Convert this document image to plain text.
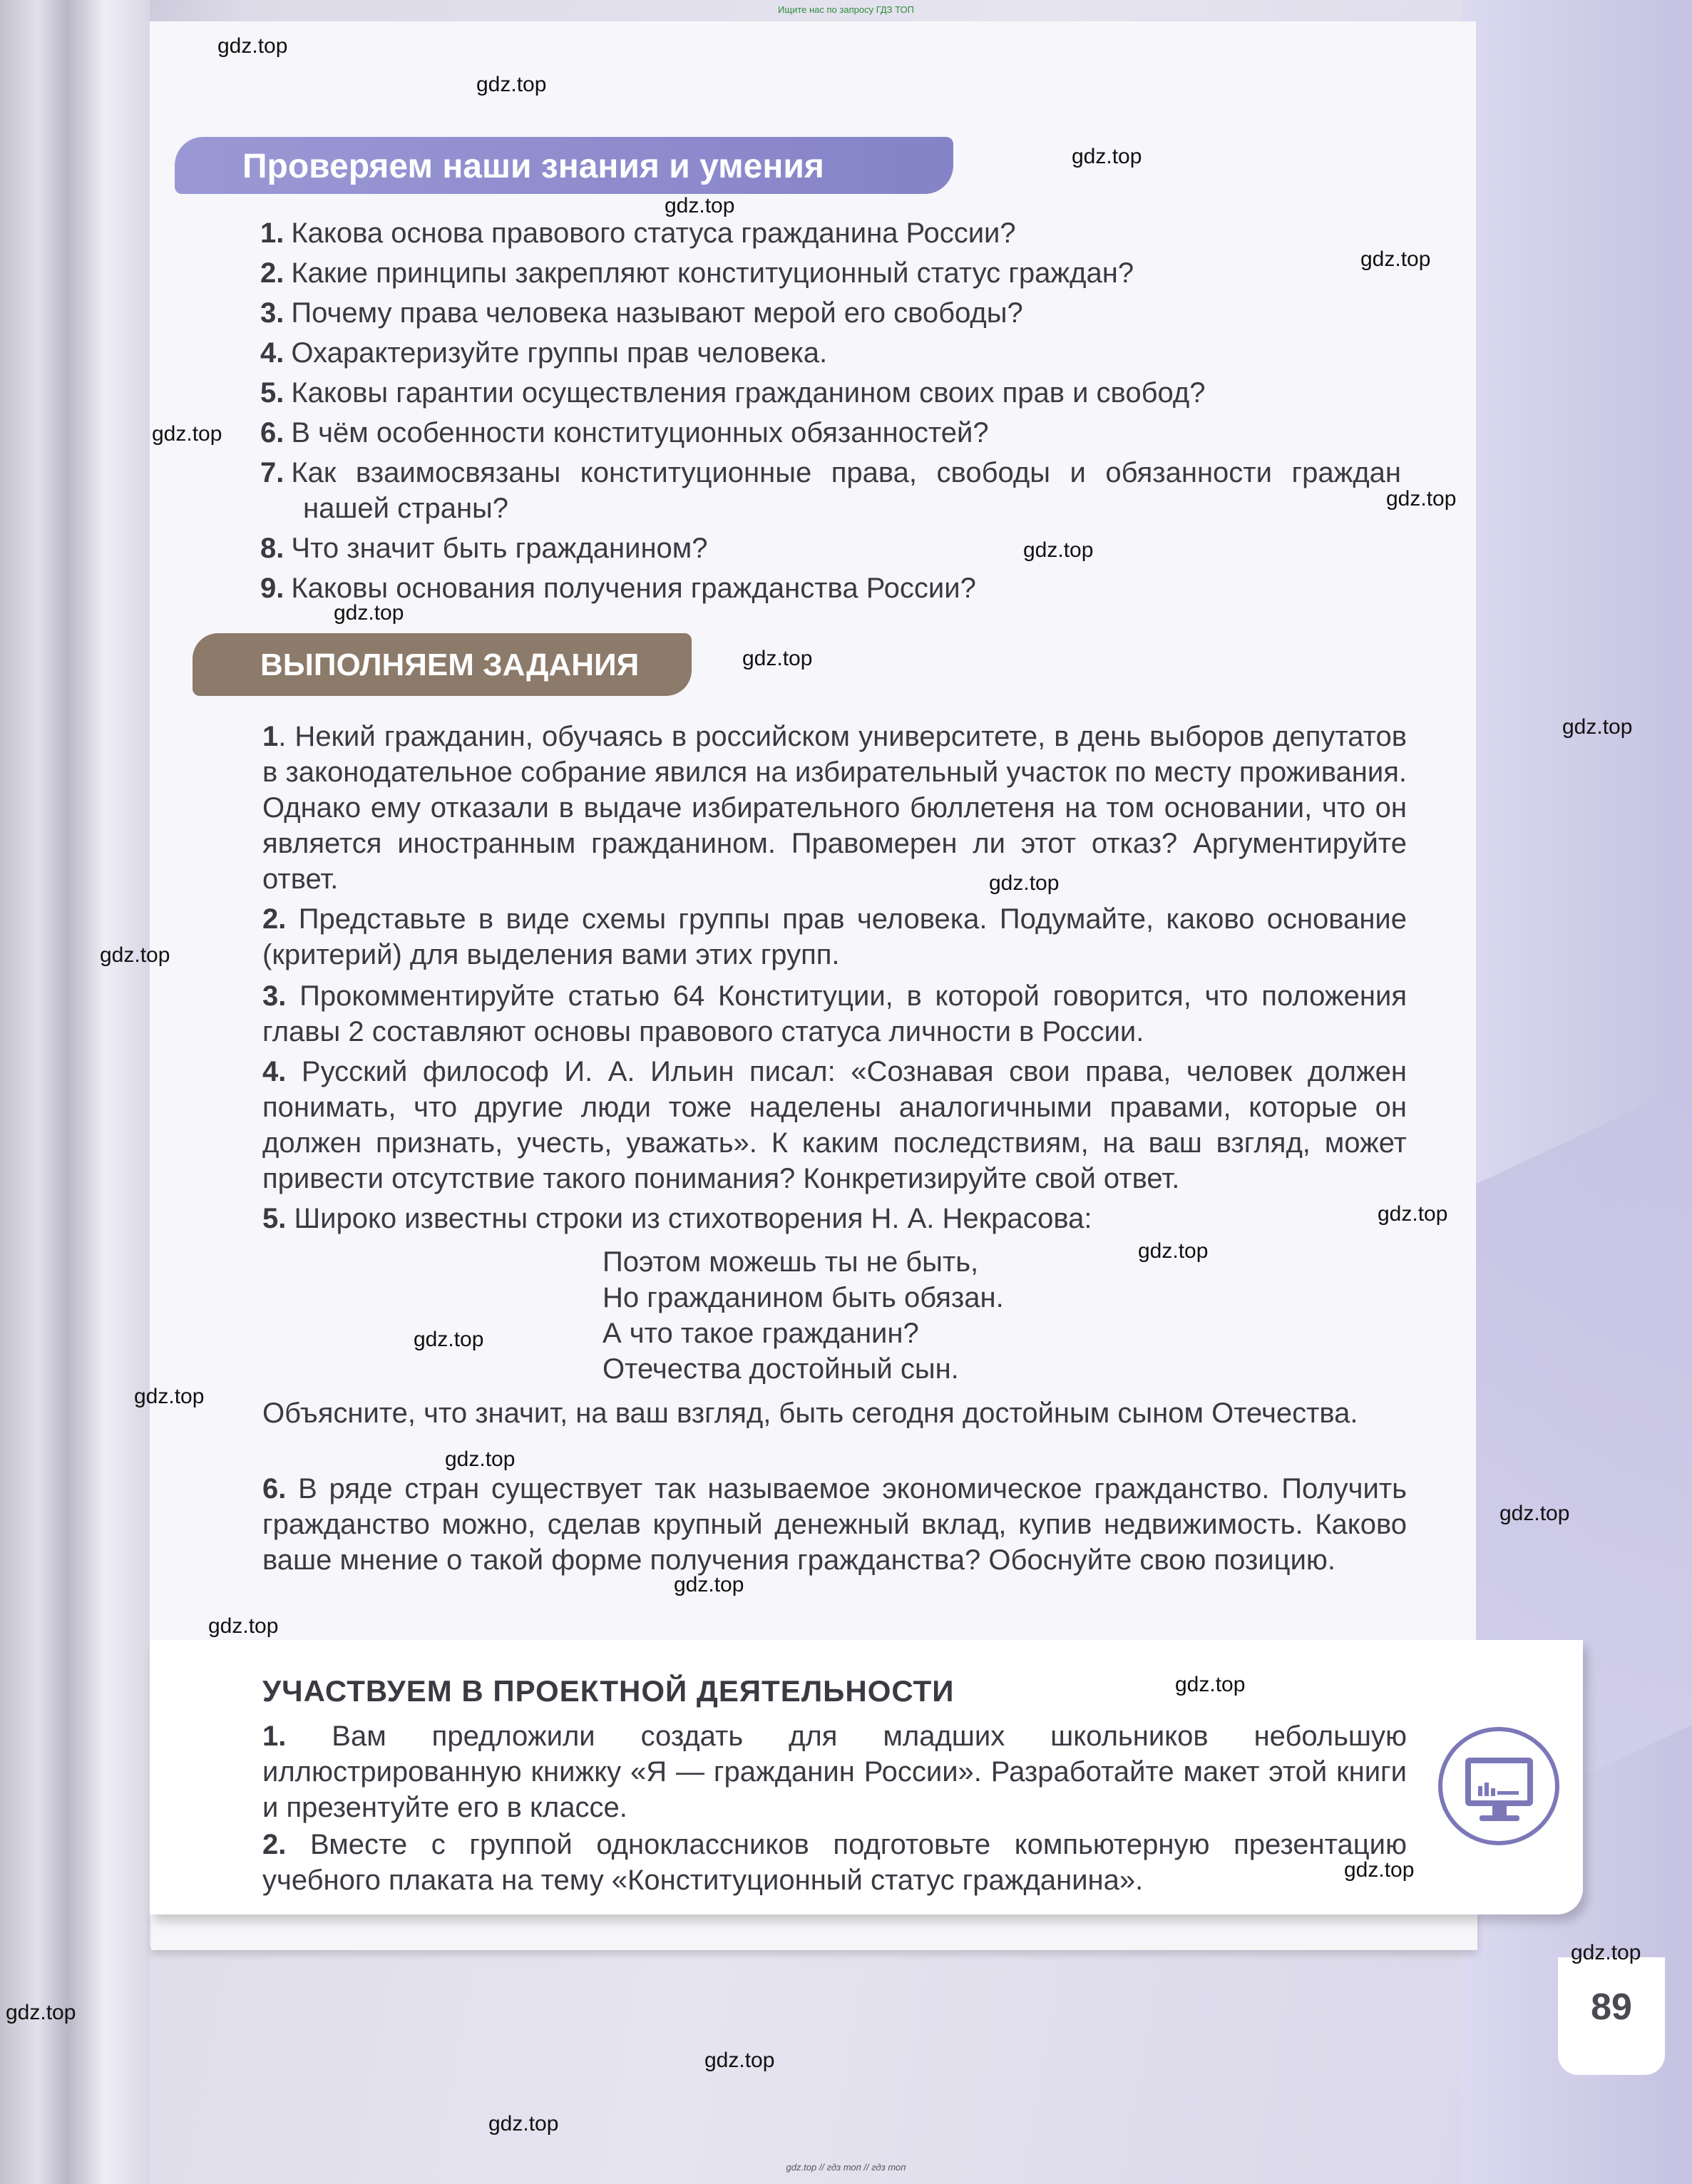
89
Ищите нас по запросу ГДЗ ТОП
gdz.top // гдз топ // гдз топ
Проверяем наши знания и умения
1. Какова основа правового статуса гражданина России?
2. Какие принципы закрепляют конституционный статус граждан?
3. Почему права человека называют мерой его свободы?
4. Охарактеризуйте группы прав человека.
5. Каковы гарантии осуществления гражданином своих прав и свобод?
6. В чём особенности конституционных обязанностей?
7. Как взаимосвязаны конституционные права, свободы и обязанности граждан нашей страны?
8. Что значит быть гражданином?
9. Каковы основания получения гражданства России?
ВЫПОЛНЯЕМ ЗАДАНИЯ
1. Некий гражданин, обучаясь в российском университете, в день выборов депутатов в законодательное собрание явился на избирательный участок по месту проживания. Однако ему отказали в выдаче избирательного бюллетеня на том основании, что он является иностранным гражданином. Правомерен ли этот отказ? Аргументируйте ответ.
2. Представьте в виде схемы группы прав человека. Подумайте, каково основание (критерий) для выделения вами этих групп.
3. Прокомментируйте статью 64 Конституции, в которой говорится, что положения главы 2 составляют основы правового статуса личности в России.
4. Русский философ И. А. Ильин писал: «Сознавая свои права, человек должен понимать, что другие люди тоже наделены аналогичными правами, которые он должен признать, учесть, уважать». К каким последствиям, на ваш взгляд, может привести отсутствие такого понимания? Конкретизируйте свой ответ.
5. Широко известны строки из стихотворения Н. А. Некрасова:
Поэтом можешь ты не быть,
Но гражданином быть обязан.
А что такое гражданин?
Отечества достойный сын.
Объясните, что значит, на ваш взгляд, быть сегодня достойным сыном Отечества.
6. В ряде стран существует так называемое экономическое гражданство. Получить гражданство можно, сделав крупный денежный вклад, купив недвижимость. Каково ваше мнение о такой форме получения гражданства? Обоснуйте свою позицию.
УЧАСТВУЕМ В ПРОЕКТНОЙ ДЕЯТЕЛЬНОСТИ
1. Вам предложили создать для младших школьников небольшую иллюстрированную книжку «Я — гражданин России». Разработайте макет этой книги и презентуйте его в классе.
2. Вместе с группой одноклассников подготовьте компьютерную презентацию учебного плаката на тему «Конституционный статус гражданина».
gdz.top
gdz.top
gdz.top
gdz.top
gdz.top
gdz.top
gdz.top
gdz.top
gdz.top
gdz.top
gdz.top
gdz.top
gdz.top
gdz.top
gdz.top
gdz.top
gdz.top
gdz.top
gdz.top
gdz.top
gdz.top
gdz.top
gdz.top
gdz.top
gdz.top
gdz.top
gdz.top
